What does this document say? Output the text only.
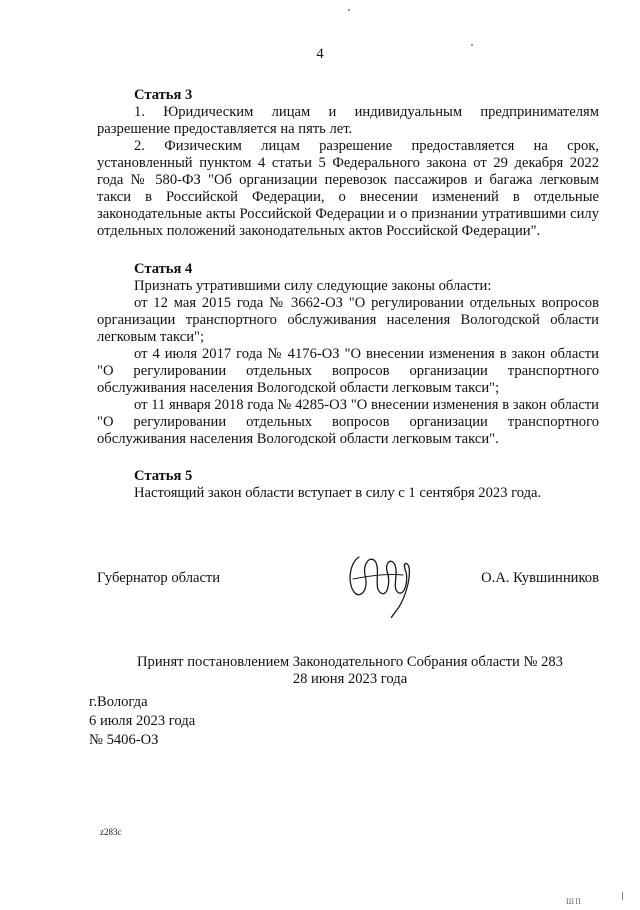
4
Статья 3
1. Юридическим лицам и индивидуальным предпринимателям разрешение предоставляется на пять лет.
2. Физическим лицам разрешение предоставляется на срок, установленный пунктом 4 статьи 5 Федерального закона от 29 декабря 2022 года № 580-ФЗ "Об организации перевозок пассажиров и багажа легковым такси в Российской Федерации, о внесении изменений в отдельные законодательные акты Российской Федерации и о признании утратившими силу отдельных положений законодательных актов Российской Федерации".
Статья 4
Признать утратившими силу следующие законы области:
от 12 мая 2015 года № 3662-ОЗ "О регулировании отдельных вопросов организации транспортного обслуживания населения Вологодской области легковым такси";
от 4 июля 2017 года № 4176-ОЗ "О внесении изменения в закон области "О регулировании отдельных вопросов организации транспортного обслуживания населения Вологодской области легковым такси";
от 11 января 2018 года № 4285-ОЗ "О внесении изменения в закон области "О регулировании отдельных вопросов организации транспортного обслуживания населения Вологодской области легковым такси".
Статья 5
Настоящий закон области вступает в силу с 1 сентября 2023 года.
Губернатор области	О.А. Кувшинников
Принят постановлением Законодательного Собрания области № 283
28 июня 2023 года
г.Вологда
6 июля 2023 года
№ 5406-ОЗ
z283с
ШП
